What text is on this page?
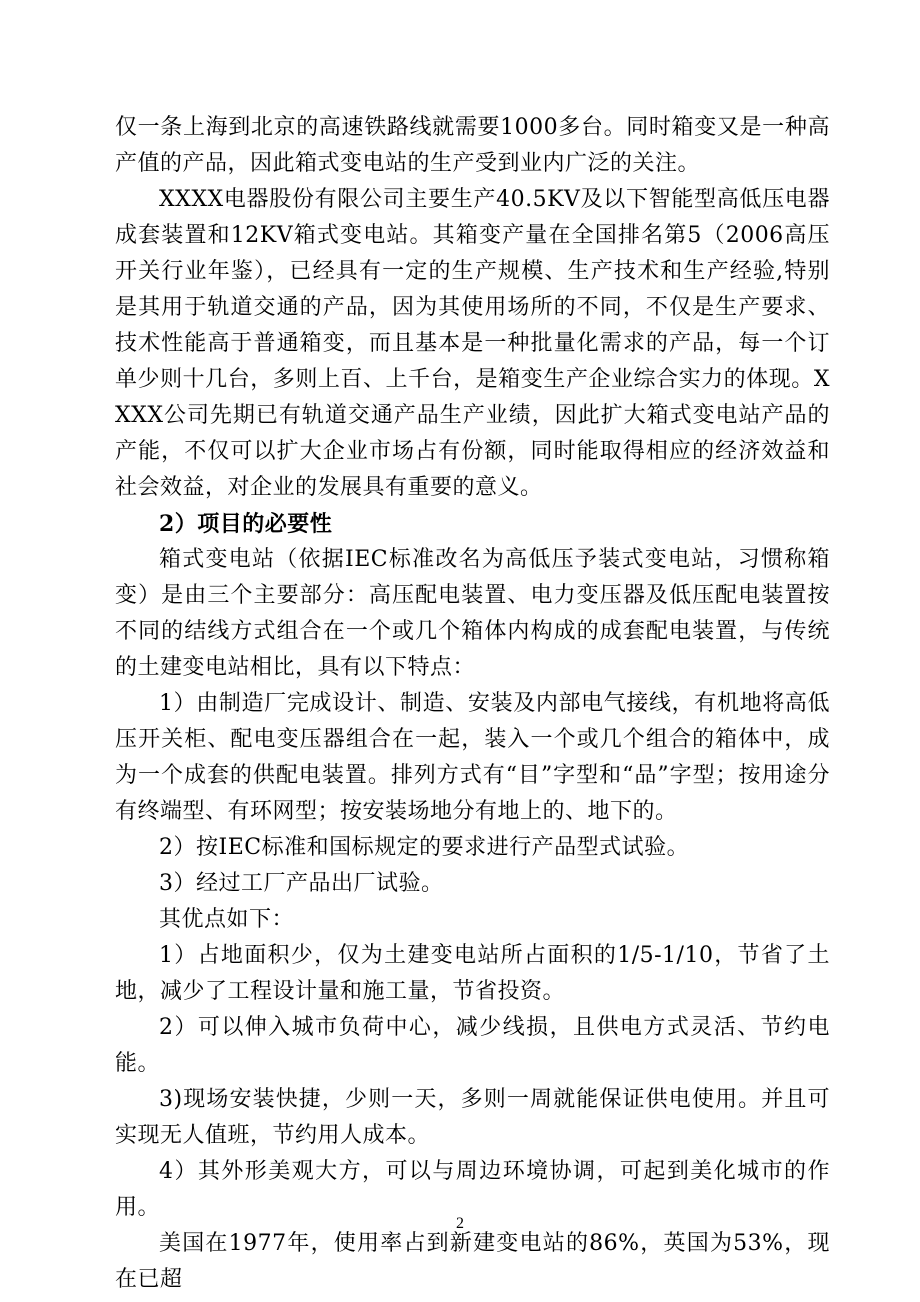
仅一条上海到北京的高速铁路线就需要1000多台。同时箱变又是一种高产值的产品，因此箱式变电站的生产受到业内广泛的关注。

XXXX电器股份有限公司主要生产40.5KV及以下智能型高低压电器成套装置和12KV箱式变电站。其箱变产量在全国排名第5（2006高压开关行业年鉴），已经具有一定的生产规模、生产技术和生产经验,特别是其用于轨道交通的产品，因为其使用场所的不同，不仅是生产要求、技术性能高于普通箱变，而且基本是一种批量化需求的产品，每一个订单少则十几台，多则上百、上千台，是箱变生产企业综合实力的体现。XXXX公司先期已有轨道交通产品生产业绩，因此扩大箱式变电站产品的产能，不仅可以扩大企业市场占有份额，同时能取得相应的经济效益和社会效益，对企业的发展具有重要的意义。

2）项目的必要性

箱式变电站（依据IEC标准改名为高低压予装式变电站，习惯称箱变）是由三个主要部分：高压配电装置、电力变压器及低压配电装置按不同的结线方式组合在一个或几个箱体内构成的成套配电装置，与传统的土建变电站相比，具有以下特点：

1）由制造厂完成设计、制造、安装及内部电气接线，有机地将高低压开关柜、配电变压器组合在一起，装入一个或几个组合的箱体中，成为一个成套的供配电装置。排列方式有“目”字型和“品”字型；按用途分有终端型、有环网型；按安装场地分有地上的、地下的。

2）按IEC标准和国标规定的要求进行产品型式试验。

3）经过工厂产品出厂试验。

其优点如下：

1）占地面积少，仅为土建变电站所占面积的1/5-1/10，节省了土地，减少了工程设计量和施工量，节省投资。

2）可以伸入城市负荷中心，减少线损，且供电方式灵活、节约电能。

3)现场安装快捷，少则一天，多则一周就能保证供电使用。并且可实现无人值班，节约用人成本。

4）其外形美观大方，可以与周边环境协调，可起到美化城市的作用。

美国在1977年，使用率占到新建变电站的86%，英国为53%，现在已超

2
